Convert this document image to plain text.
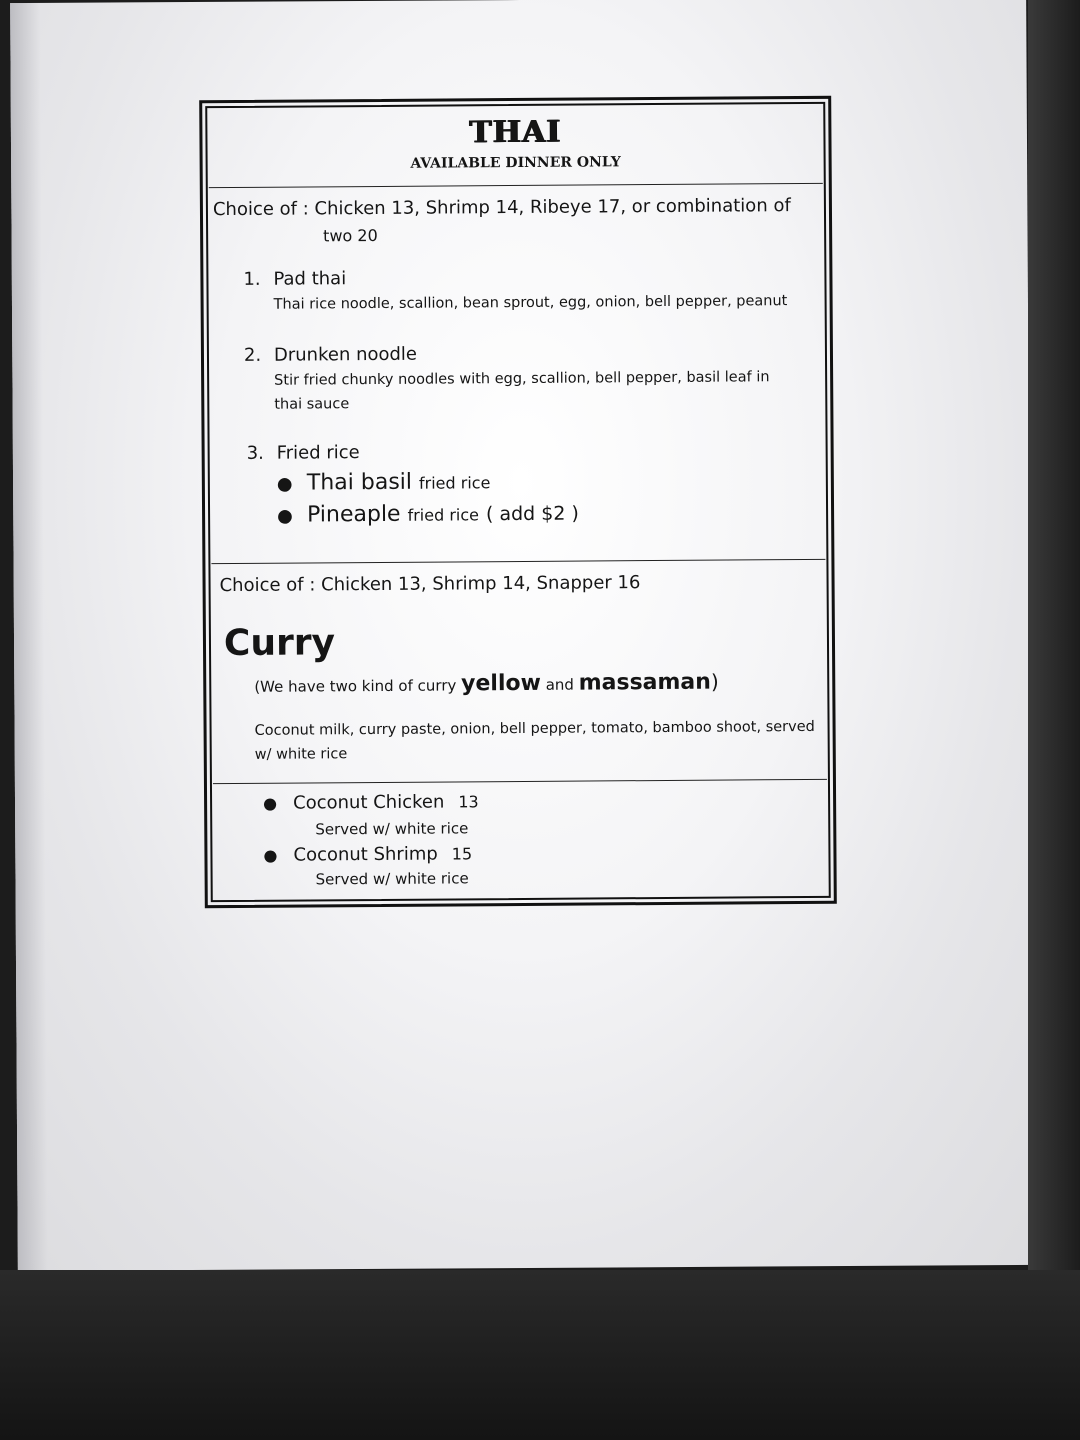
THAI
AVAILABLE DINNER ONLY
Choice of : Chicken 13, Shrimp 14, Ribeye 17, or combination of
two 20
1. Pad thai
Thai rice noodle, scallion, bean sprout, egg, onion, bell pepper, peanut
2. Drunken noodle
Stir fried chunky noodles with egg, scallion, bell pepper, basil leaf in
thai sauce
3. Fried rice
● Thai basil fried rice
● Pineaple fried rice ( add $2 )
Choice of : Chicken 13, Shrimp 14, Snapper 16
Curry
(We have two kind of curry yellow and massaman)
Coconut milk, curry paste, onion, bell pepper, tomato, bamboo shoot, served
w/ white rice
● Coconut Chicken 13
Served w/ white rice
● Coconut Shrimp 15
Served w/ white rice
